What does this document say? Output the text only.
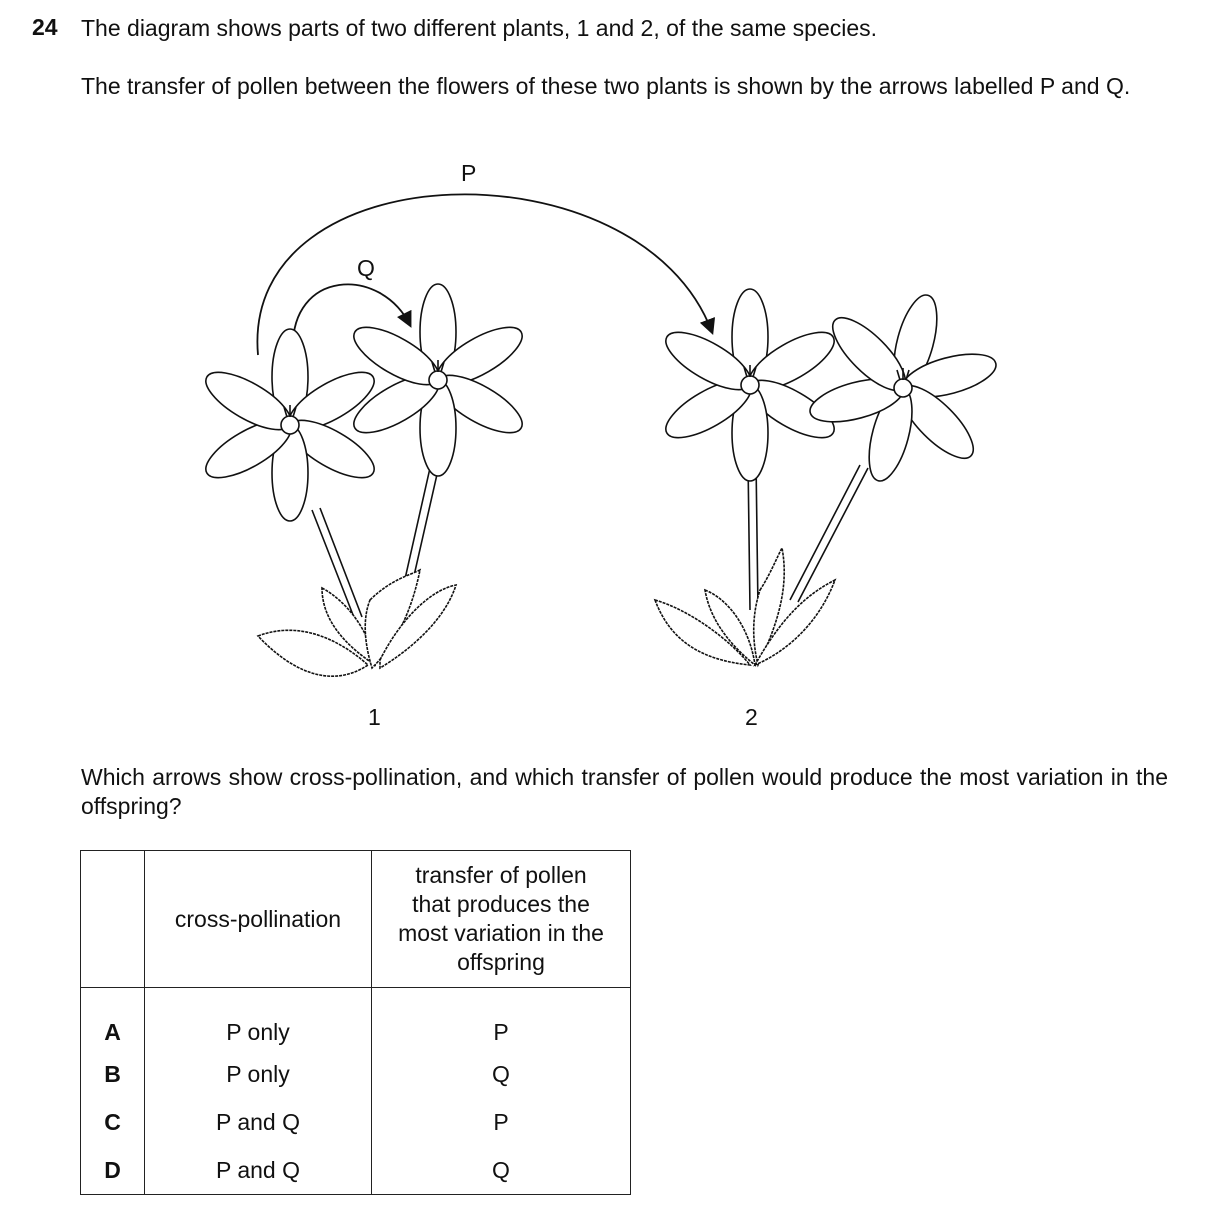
24 The diagram shows parts of two different plants, 1 and 2, of the same species.
The transfer of pollen between the flowers of these two plants is shown by the arrows labelled P and Q.
P
Q
1	2
Which arrows show cross-pollination, and which transfer of pollen would produce the most variation in the offspring?
	cross-pollination	transfer of pollen that produces the most variation in the offspring

A	P only	P
B	P only	Q
C	P and Q	P
D	P and Q	Q
